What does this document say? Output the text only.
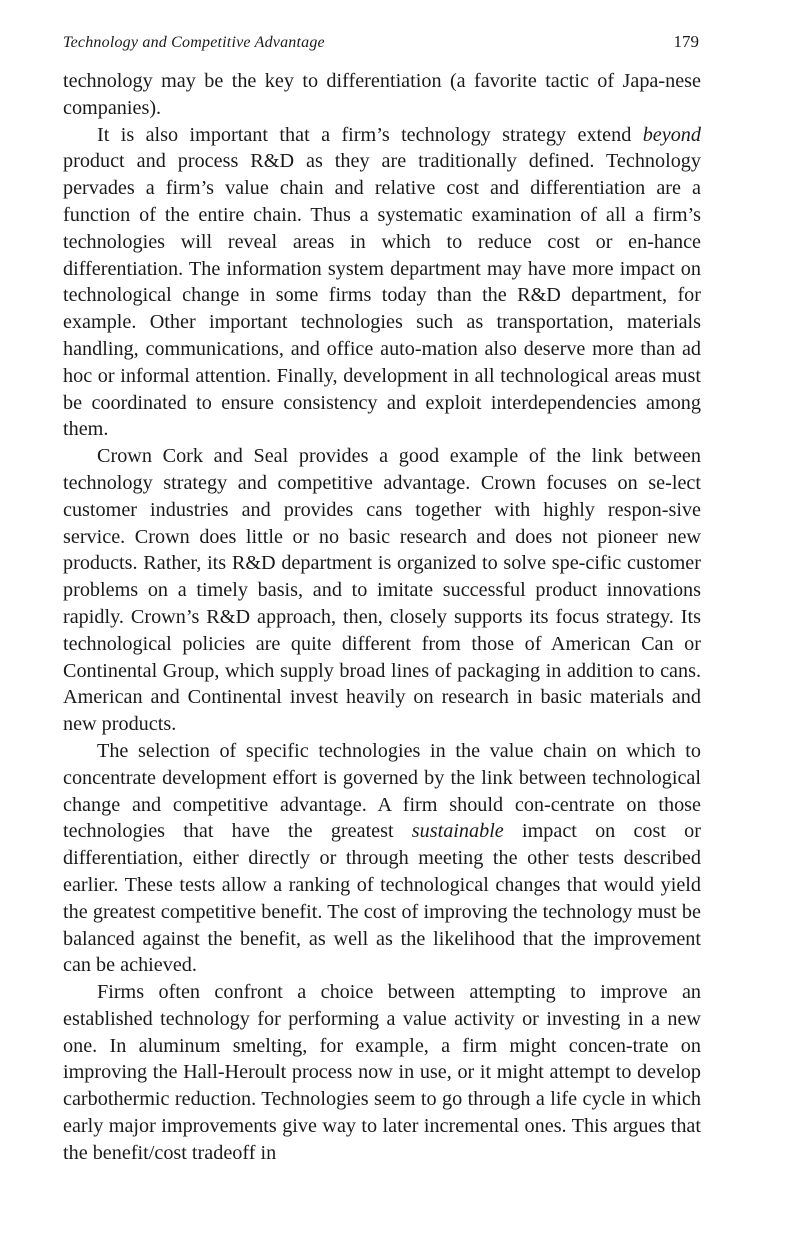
Technology and Competitive Advantage	179

technology may be the key to differentiation (a favorite tactic of Japa-nese companies).

It is also important that a firm’s technology strategy extend beyond product and process R&D as they are traditionally defined. Technology pervades a firm’s value chain and relative cost and differentiation are a function of the entire chain. Thus a systematic examination of all a firm’s technologies will reveal areas in which to reduce cost or en-hance differentiation. The information system department may have more impact on technological change in some firms today than the R&D department, for example. Other important technologies such as transportation, materials handling, communications, and office auto-mation also deserve more than ad hoc or informal attention. Finally, development in all technological areas must be coordinated to ensure consistency and exploit interdependencies among them.

Crown Cork and Seal provides a good example of the link between technology strategy and competitive advantage. Crown focuses on se-lect customer industries and provides cans together with highly respon-sive service. Crown does little or no basic research and does not pioneer new products. Rather, its R&D department is organized to solve spe-cific customer problems on a timely basis, and to imitate successful product innovations rapidly. Crown’s R&D approach, then, closely supports its focus strategy. Its technological policies are quite different from those of American Can or Continental Group, which supply broad lines of packaging in addition to cans. American and Continental invest heavily on research in basic materials and new products.

The selection of specific technologies in the value chain on which to concentrate development effort is governed by the link between technological change and competitive advantage. A firm should con-centrate on those technologies that have the greatest sustainable impact on cost or differentiation, either directly or through meeting the other tests described earlier. These tests allow a ranking of technological changes that would yield the greatest competitive benefit. The cost of improving the technology must be balanced against the benefit, as well as the likelihood that the improvement can be achieved.

Firms often confront a choice between attempting to improve an established technology for performing a value activity or investing in a new one. In aluminum smelting, for example, a firm might concen-trate on improving the Hall-Heroult process now in use, or it might attempt to develop carbothermic reduction. Technologies seem to go through a life cycle in which early major improvements give way to later incremental ones. This argues that the benefit/cost tradeoff in
